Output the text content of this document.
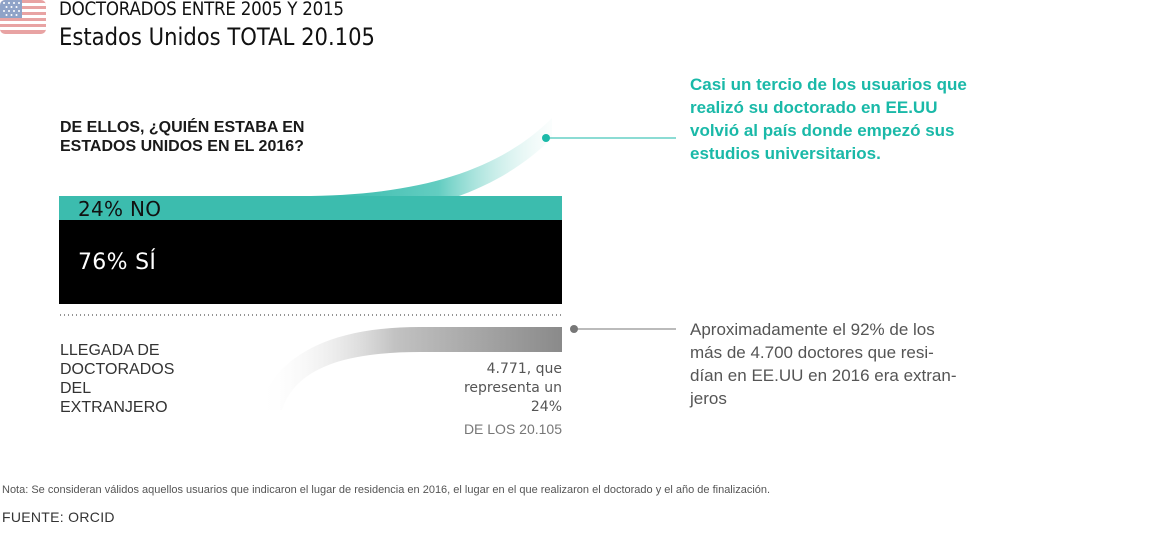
DOCTORADOS ENTRE 2005 Y 2015
Estados Unidos TOTAL 20.105
DE ELLOS, ¿QUIÉN ESTABA EN ESTADOS UNIDOS EN EL 2016?
24% NO
76% SÍ
LLEGADA DE
DOCTORADOS
DEL
EXTRANJERO
4.771, que
representa un
24%
DE LOS 20.105
Casi un tercio de los usuarios que
realizó su doctorado en EE.UU
volvió al país donde empezó sus
estudios universitarios.
Aproximadamente el 92% de los
más de 4.700 doctores que resi-
dían en EE.UU en 2016 era extran-
jeros
Nota: Se consideran válidos aquellos usuarios que indicaron el lugar de residencia en 2016, el lugar en el que realizaron el doctorado y el año de finalización.
FUENTE: ORCID
